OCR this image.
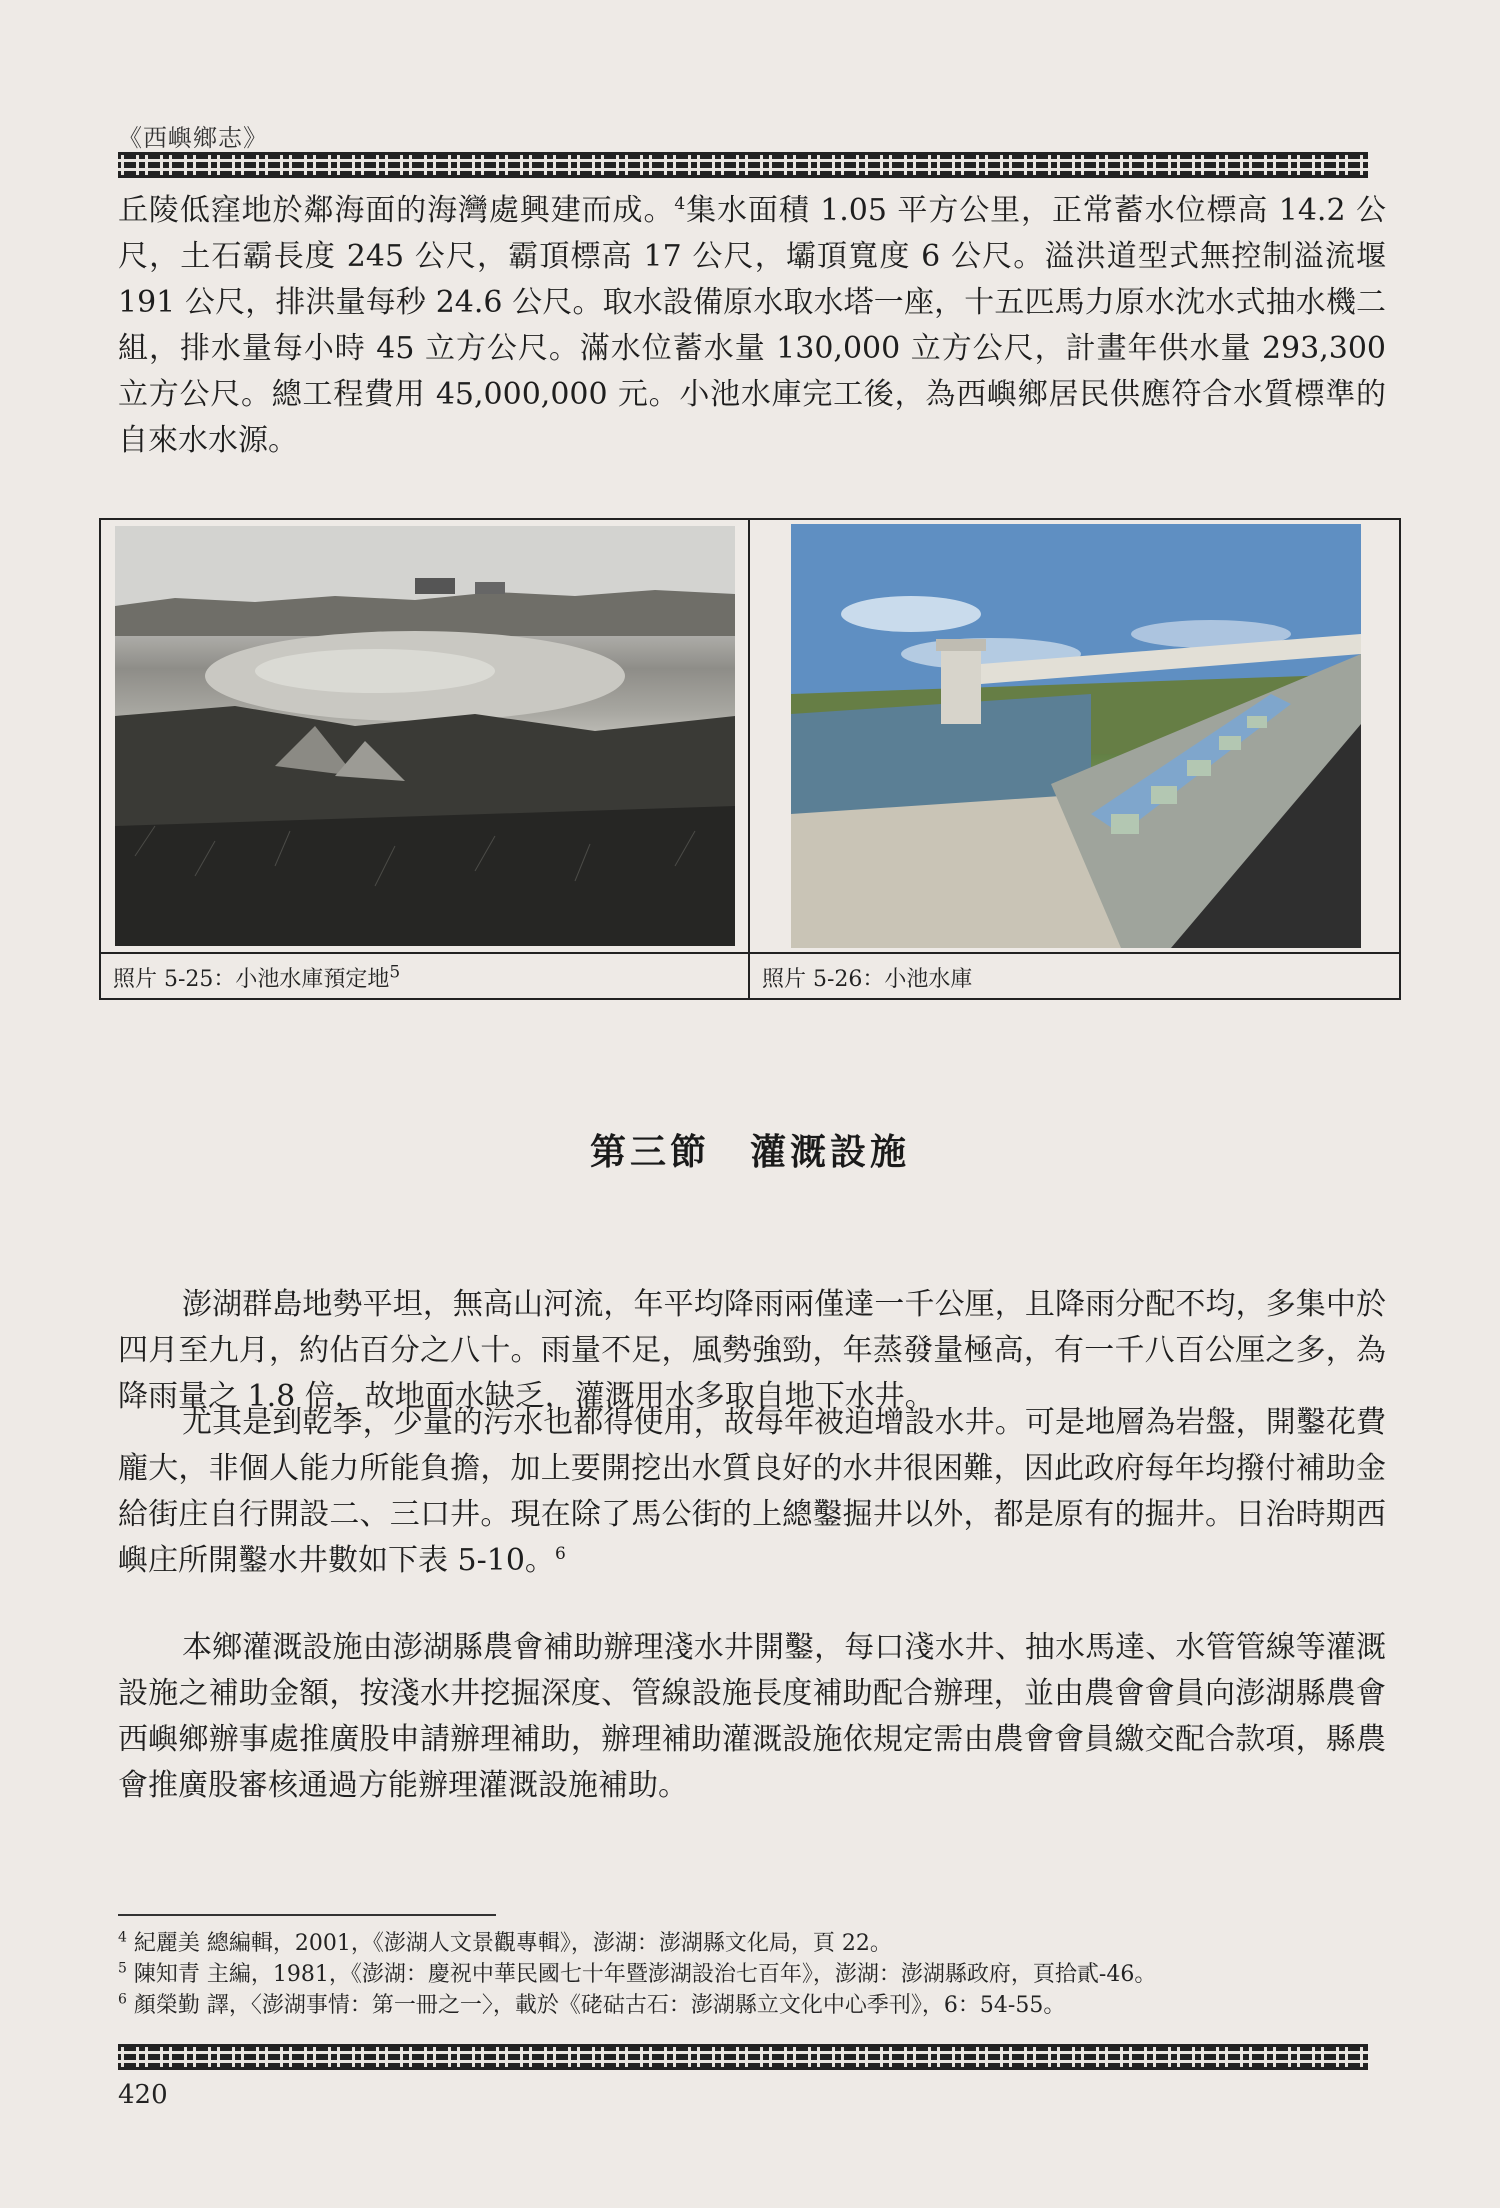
《西嶼鄉志》
丘陵低窪地於鄰海面的海灣處興建而成。$^4$集水面積 1.05 平方公里，正常蓄水位標高 14.2 公尺，土石霸長度 245 公尺，霸頂標高 17 公尺，壩頂寬度 6 公尺。溢洪道型式無控制溢流堰 191 公尺，排洪量每秒 24.6 公尺。取水設備原水取水塔一座，十五匹馬力原水沈水式抽水機二組，排水量每小時 45 立方公尺。滿水位蓄水量 130,000 立方公尺，計畫年供水量 293,300 立方公尺。總工程費用 45,000,000 元。小池水庫完工後，為西嶼鄉居民供應符合水質標準的自來水水源。
照片 5-25：小池水庫預定地$^5$	照片 5-26：小池水庫
第三節　灌溉設施
澎湖群島地勢平坦，無高山河流，年平均降雨兩僅達一千公厘，且降雨分配不均，多集中於四月至九月，約佔百分之八十。雨量不足，風勢強勁，年蒸發量極高，有一千八百公厘之多，為降雨量之 1.8 倍，故地面水缺乏，灌溉用水多取自地下水井。
尤其是到乾季，少量的污水也都得使用，故每年被迫增設水井。可是地層為岩盤，開鑿花費龐大，非個人能力所能負擔，加上要開挖出水質良好的水井很困難，因此政府每年均撥付補助金給街庄自行開設二、三口井。現在除了馬公街的上總鑿掘井以外，都是原有的掘井。日治時期西嶼庄所開鑿水井數如下表 5-10。$^6$
本鄉灌溉設施由澎湖縣農會補助辦理淺水井開鑿，每口淺水井、抽水馬達、水管管線等灌溉設施之補助金額，按淺水井挖掘深度、管線設施長度補助配合辦理，並由農會會員向澎湖縣農會西嶼鄉辦事處推廣股申請辦理補助，辦理補助灌溉設施依規定需由農會會員繳交配合款項，縣農會推廣股審核通過方能辦理灌溉設施補助。
$^4$ 紀麗美 總編輯，2001，《澎湖人文景觀專輯》，澎湖：澎湖縣文化局，頁 22。
$^5$ 陳知青 主編，1981，《澎湖：慶祝中華民國七十年暨澎湖設治七百年》，澎湖：澎湖縣政府，頁拾貳-46。
$^6$ 顏榮勤 譯，〈澎湖事情：第一冊之一〉，載於《硓𥑮古石：澎湖縣立文化中心季刊》，6：54-55。
420
